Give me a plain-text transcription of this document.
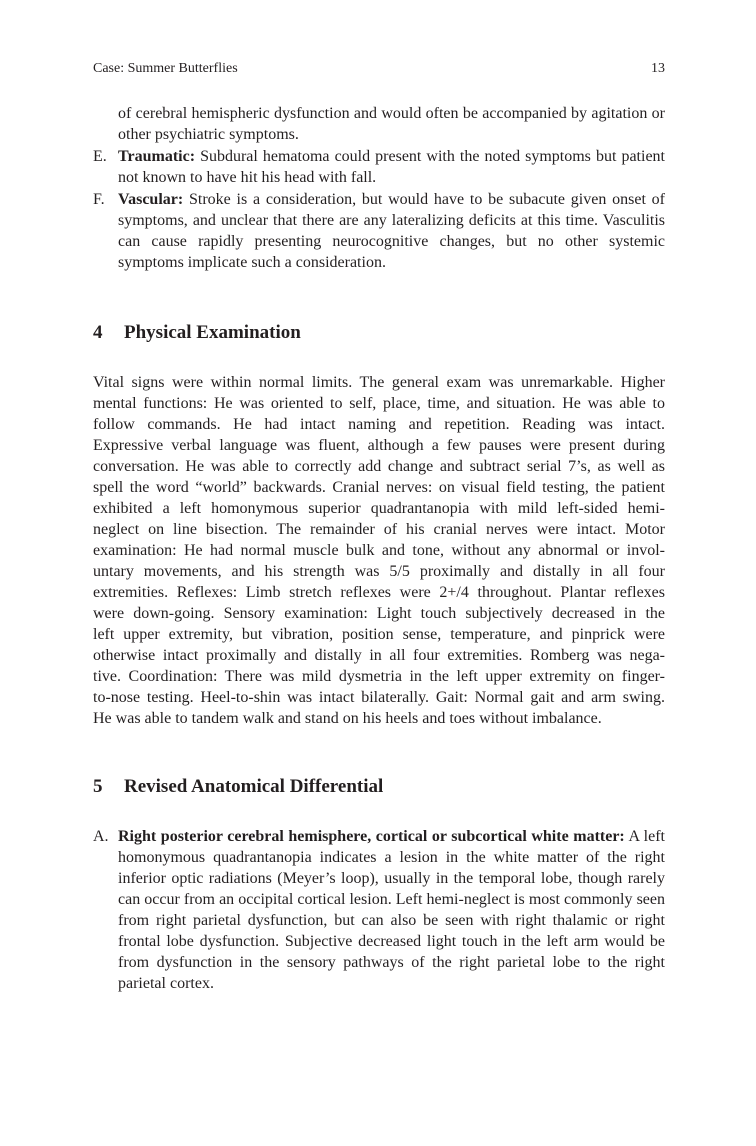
Case: Summer Butterflies	13
of cerebral hemispheric dysfunction and would often be accompanied by agitation or other psychiatric symptoms.
E. Traumatic: Subdural hematoma could present with the noted symptoms but patient not known to have hit his head with fall.
F. Vascular: Stroke is a consideration, but would have to be subacute given onset of symptoms, and unclear that there are any lateralizing deficits at this time. Vasculitis can cause rapidly presenting neurocognitive changes, but no other systemic symptoms implicate such a consideration.
4 Physical Examination
Vital signs were within normal limits. The general exam was unremarkable. Higher
mental functions: He was oriented to self, place, time, and situation. He was able to
follow commands. He had intact naming and repetition. Reading was intact.
Expressive verbal language was fluent, although a few pauses were present during
conversation. He was able to correctly add change and subtract serial 7’s, as well as
spell the word “world” backwards. Cranial nerves: on visual field testing, the patient
exhibited a left homonymous superior quadrantanopia with mild left-sided hemi-
neglect on line bisection. The remainder of his cranial nerves were intact. Motor
examination: He had normal muscle bulk and tone, without any abnormal or invol-
untary movements, and his strength was 5/5 proximally and distally in all four
extremities. Reflexes: Limb stretch reflexes were 2+/4 throughout. Plantar reflexes
were down-going. Sensory examination: Light touch subjectively decreased in the
left upper extremity, but vibration, position sense, temperature, and pinprick were
otherwise intact proximally and distally in all four extremities. Romberg was nega-
tive. Coordination: There was mild dysmetria in the left upper extremity on finger-
to-nose testing. Heel-to-shin was intact bilaterally. Gait: Normal gait and arm swing.
He was able to tandem walk and stand on his heels and toes without imbalance.
5 Revised Anatomical Differential
A. Right posterior cerebral hemisphere, cortical or subcortical white matter: A left homonymous quadrantanopia indicates a lesion in the white matter of the right inferior optic radiations (Meyer’s loop), usually in the temporal lobe, though rarely can occur from an occipital cortical lesion. Left hemi-neglect is most commonly seen from right parietal dysfunction, but can also be seen with right thalamic or right frontal lobe dysfunction. Subjective decreased light touch in the left arm would be from dysfunction in the sensory pathways of the right parietal lobe to the right parietal cortex.
